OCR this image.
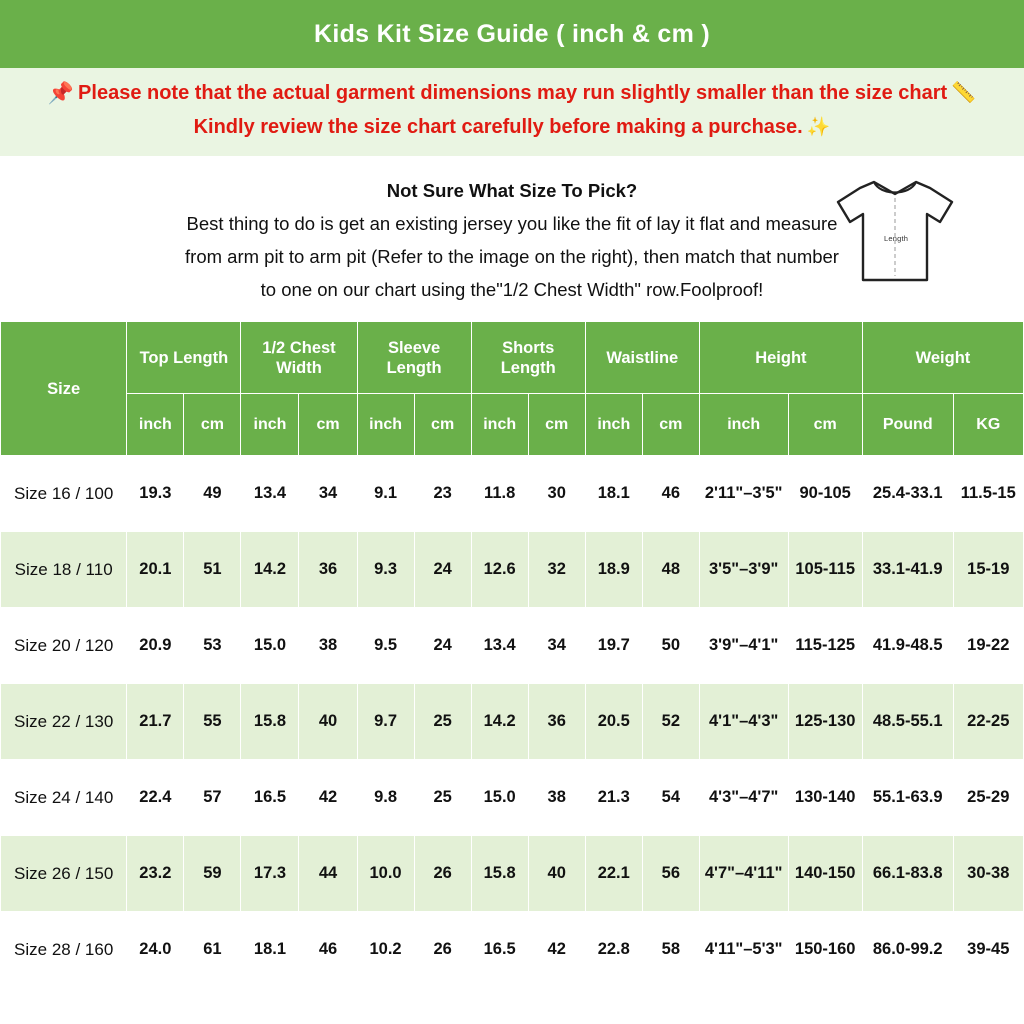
Kids Kit Size Guide ( inch & cm )
📌 Please note that the actual garment dimensions may run slightly smaller than the size chart 📏
Kindly review the size chart carefully before making a purchase. ✨
Not Sure What Size To Pick?
Best thing to do is get an existing jersey you like the fit of lay it flat and measure
from arm pit to arm pit (Refer to the image on the right), then match that number
to one on our chart using the"1/2 Chest Width" row.Foolproof!
Length
Size	Top Length		1/2 Chest Width		Sleeve Length		Shorts Length		Waistline		Height		Weight	
	inch	cm	inch	cm	inch	cm	inch	cm	inch	cm	inch	cm	Pound	KG
Size 16 / 100	19.3	49	13.4	34	9.1	23	11.8	30	18.1	46	2'11"–3'5"	90-105	25.4-33.1	11.5-15
Size 18 / 110	20.1	51	14.2	36	9.3	24	12.6	32	18.9	48	3'5"–3'9"	105-115	33.1-41.9	15-19
Size 20 / 120	20.9	53	15.0	38	9.5	24	13.4	34	19.7	50	3'9"–4'1"	115-125	41.9-48.5	19-22
Size 22 / 130	21.7	55	15.8	40	9.7	25	14.2	36	20.5	52	4'1"–4'3"	125-130	48.5-55.1	22-25
Size 24 / 140	22.4	57	16.5	42	9.8	25	15.0	38	21.3	54	4'3"–4'7"	130-140	55.1-63.9	25-29
Size 26 / 150	23.2	59	17.3	44	10.0	26	15.8	40	22.1	56	4'7"–4'11"	140-150	66.1-83.8	30-38
Size 28 / 160	24.0	61	18.1	46	10.2	26	16.5	42	22.8	58	4'11"–5'3"	150-160	86.0-99.2	39-45
